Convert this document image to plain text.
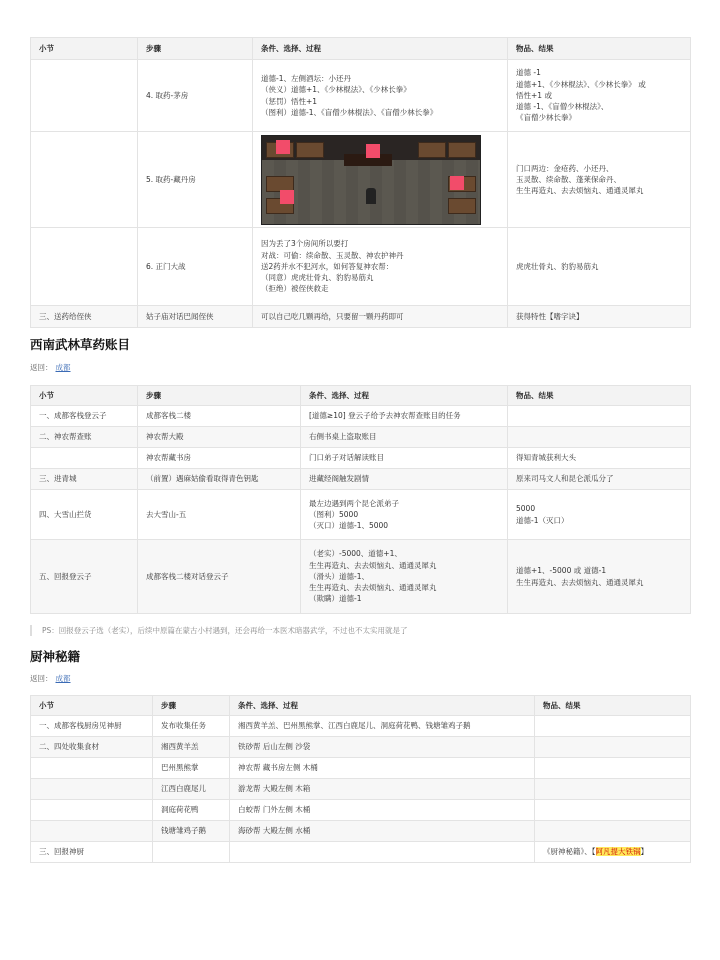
小节	步骤	条件、选择、过程	物品、结果
	4. 取药-茅房	道德-1、左侧酒坛：小还丹
（侠义）道德+1、《少林棍法》、《少林长拳》
（惩罚）悟性+1
（图利）道德-1、《盲僧少林棍法》、《盲僧少林长拳》	道德 -1
道德+1、《少林棍法》、《少林长拳》 或
悟性+1 或
道德 -1、《盲僧少林棍法》、
《盲僧少林长拳》

	5. 取药-藏丹房		门口两边：金疮药、小还丹、
玉灵散、续命散、蓬莱保命丹、
生生再造丸、去去烦恼丸、通通灵犀丸

	6. 正门大战	因为丢了3个房间所以要打
对战：可偷：续命散、玉灵散、神农护神丹
送2药并水不犯河水，如何答复神农帮：
（同意）虎虎壮骨丸、豹豹易筋丸
（拒绝）被侄侠救走	虎虎壮骨丸、豹豹易筋丸
三、送药给侄侠	姑子庙对话巴闻侄侠	可以自己吃几颗再给，只要留一颗丹药即可	获得特性【嗜字诀】
西南武林草药账目
返回： 成都
小节	步骤	条件、选择、过程	物品、结果
一、成都客栈登云子	成都客栈二楼	[道德≥10] 登云子给予去神农帮查账目的任务	
二、神农帮查账	神农帮大殿	右侧书桌上盗取账目	
	神农帮藏书房	门口弟子对话解读账目	得知青城获利大头
三、进青城	（前置）遇麻姑偷看取得青色钥匙	进藏经阁触发剧情	原来司马文人和昆仑派瓜分了
四、大雪山拦货	去大雪山-五	最左边遇到两个昆仑派弟子
（图利）5000
（灭口）道德-1、5000	5000
道德-1（灭口）

五、回报登云子	成都客栈二楼对话登云子	（老实）-5000、道德+1、
生生再造丸、去去烦恼丸、通通灵犀丸
（滑头）道德-1、
生生再造丸、去去烦恼丸、通通灵犀丸
（欺瞒）道德-1	道德+1、-5000 或 道德-1
生生再造丸、去去烦恼丸、通通灵犀丸
PS：回报登云子选（老实），后续中原篇在蒙古小村遇到，还会再给一本医术暗器武学，不过也不太实用就是了
厨神秘籍
返回： 成都
小节	步骤	条件、选择、过程	物品、结果
一、成都客栈厨房见神厨	发布收集任务	湘西黄羊羔、巴州黑熊掌、江西白鹿尾儿、洞庭荷花鸭、钱塘雏鸡子鹅	
二、四处收集食材	湘西黄羊羔	铁砂帮 后山左侧 沙袋	
	巴州黑熊掌	神农帮 藏书房左侧 木桶	
	江西白鹿尾儿	游龙帮 大殿左侧 木箱	
	洞庭荷花鸭	白蛟帮 门外左侧 木桶	
	钱塘雏鸡子鹅	海砂帮 大殿左侧 水桶	
三、回报神厨			《厨神秘籍》、【阿凡提大铁锅】
